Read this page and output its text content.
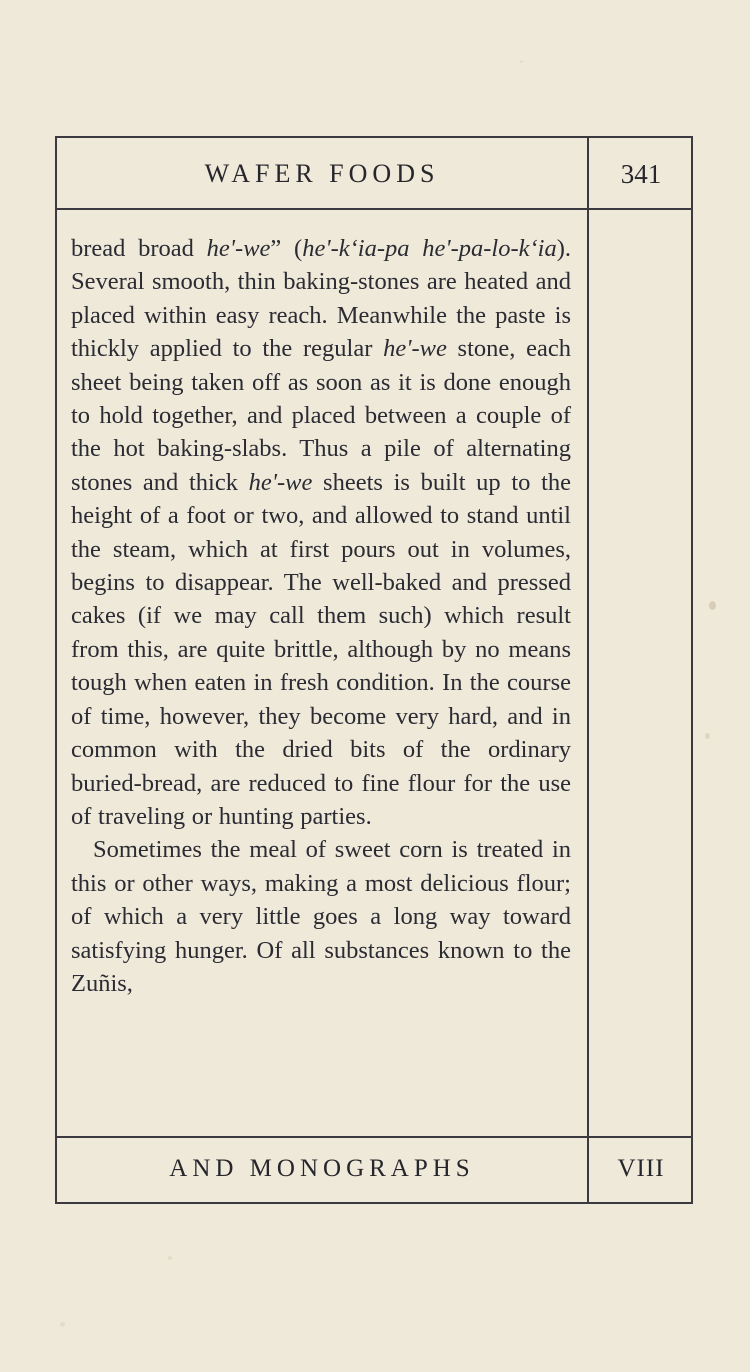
WAFER FOODS	341

bread broad he'-we” (he'-k‘ia-pa he'-pa-lo-k‘ia). Several smooth, thin baking-stones are heated and placed within easy reach. Meanwhile the paste is thickly applied to the regular he'-we stone, each sheet being taken off as soon as it is done enough to hold together, and placed between a couple of the hot baking-slabs. Thus a pile of alternating stones and thick he'-we sheets is built up to the height of a foot or two, and allowed to stand until the steam, which at first pours out in volumes, begins to disappear. The well-baked and pressed cakes (if we may call them such) which result from this, are quite brittle, although by no means tough when eaten in fresh condition. In the course of time, however, they become very hard, and in common with the dried bits of the ordinary buried-bread, are reduced to fine flour for the use of traveling or hunting parties.

Sometimes the meal of sweet corn is treated in this or other ways, making a most delicious flour; of which a very little goes a long way toward satisfying hunger. Of all substances known to the Zuñis,

AND MONOGRAPHS	VIII
